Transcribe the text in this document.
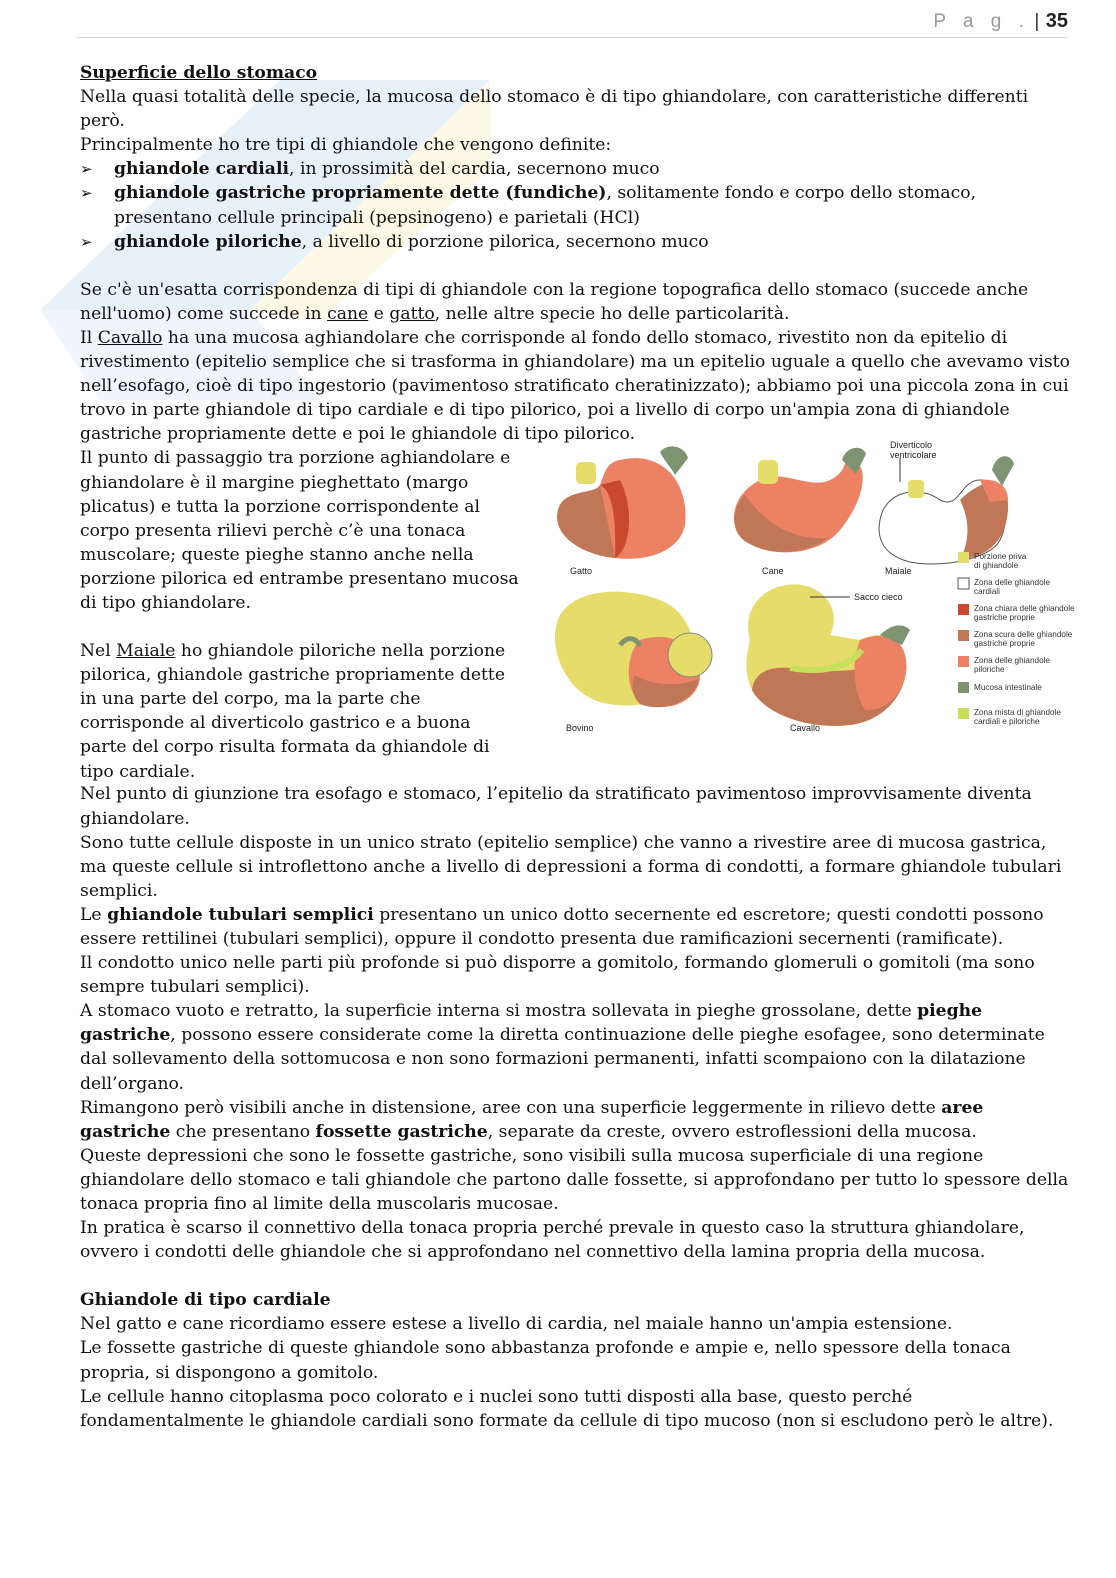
P a g . | 35
Superficie dello stomaco

Nella quasi totalità delle specie, la mucosa dello stomaco è di tipo ghiandolare, con caratteristiche differenti però.

Principalmente ho tre tipi di ghiandole che vengono definite:

➢ ghiandole cardiali, in prossimità del cardia, secernono muco
➢ ghiandole gastriche propriamente dette (fundiche), solitamente fondo e corpo dello stomaco, presentano cellule principali (pepsinogeno) e parietali (HCl)
➢ ghiandole piloriche, a livello di porzione pilorica, secernono muco

Se c'è un'esatta corrispondenza di tipi di ghiandole con la regione topografica dello stomaco (succede anche nell'uomo) come succede in cane e gatto, nelle altre specie ho delle particolarità.

Il Cavallo ha una mucosa aghiandolare che corrisponde al fondo dello stomaco, rivestito non da epitelio di rivestimento (epitelio semplice che si trasforma in ghiandolare) ma un epitelio uguale a quello che avevamo visto nell’esofago, cioè di tipo ingestorio (pavimentoso stratificato cheratinizzato); abbiamo poi una piccola zona in cui trovo in parte ghiandole di tipo cardiale e di tipo pilorico, poi a livello di corpo un'ampia zona di ghiandole gastriche propriamente dette e poi le ghiandole di tipo pilorico.

Il punto di passaggio tra porzione aghiandolare e ghiandolare è il margine pieghettato (margo plicatus) e tutta la porzione corrispondente al corpo presenta rilievi perchè c’è una tonaca muscolare; queste pieghe stanno anche nella porzione pilorica ed entrambe presentano mucosa di tipo ghiandolare.

Nel Maiale ho ghiandole piloriche nella porzione pilorica, ghiandole gastriche propriamente dette in una parte del corpo, ma la parte che corrisponde al diverticolo gastrico e a buona parte del corpo risulta formata da ghiandole di tipo cardiale.

Gatto	Cane	Maiale
Diverticolo
ventricolare
Bovino
Sacco cieco
Cavallo
Porzione priva
di ghiandole
Zona delle ghiandole
cardiali
Zona chiara delle ghiandole
gastriche proprie
Zona scura delle ghiandole
gastriche proprie
Zona delle ghiandole
piloriche
Mucosa intestinale
Zona mista di ghiandole
cardiali e piloriche

Nel punto di giunzione tra esofago e stomaco, l’epitelio da stratificato pavimentoso improvvisamente diventa ghiandolare.

Sono tutte cellule disposte in un unico strato (epitelio semplice) che vanno a rivestire aree di mucosa gastrica, ma queste cellule si introflettono anche a livello di depressioni a forma di condotti, a formare ghiandole tubulari semplici.

Le ghiandole tubulari semplici presentano un unico dotto secernente ed escretore; questi condotti possono essere rettilinei (tubulari semplici), oppure il condotto presenta due ramificazioni secernenti (ramificate).

Il condotto unico nelle parti più profonde si può disporre a gomitolo, formando glomeruli o gomitoli (ma sono sempre tubulari semplici).

A stomaco vuoto e retratto, la superficie interna si mostra sollevata in pieghe grossolane, dette pieghe gastriche, possono essere considerate come la diretta continuazione delle pieghe esofagee, sono determinate dal sollevamento della sottomucosa e non sono formazioni permanenti, infatti scompaiono con la dilatazione dell’organo.

Rimangono però visibili anche in distensione, aree con una superficie leggermente in rilievo dette aree gastriche che presentano fossette gastriche, separate da creste, ovvero estroflessioni della mucosa.

Queste depressioni che sono le fossette gastriche, sono visibili sulla mucosa superficiale di una regione ghiandolare dello stomaco e tali ghiandole che partono dalle fossette, si approfondano per tutto lo spessore della tonaca propria fino al limite della muscolaris mucosae.

In pratica è scarso il connettivo della tonaca propria perché prevale in questo caso la struttura ghiandolare, ovvero i condotti delle ghiandole che si approfondano nel connettivo della lamina propria della mucosa.

Ghiandole di tipo cardiale

Nel gatto e cane ricordiamo essere estese a livello di cardia, nel maiale hanno un'ampia estensione.

Le fossette gastriche di queste ghiandole sono abbastanza profonde e ampie e, nello spessore della tonaca propria, si dispongono a gomitolo.

Le cellule hanno citoplasma poco colorato e i nuclei sono tutti disposti alla base, questo perché fondamentalmente le ghiandole cardiali sono formate da cellule di tipo mucoso (non si escludono però le altre).
